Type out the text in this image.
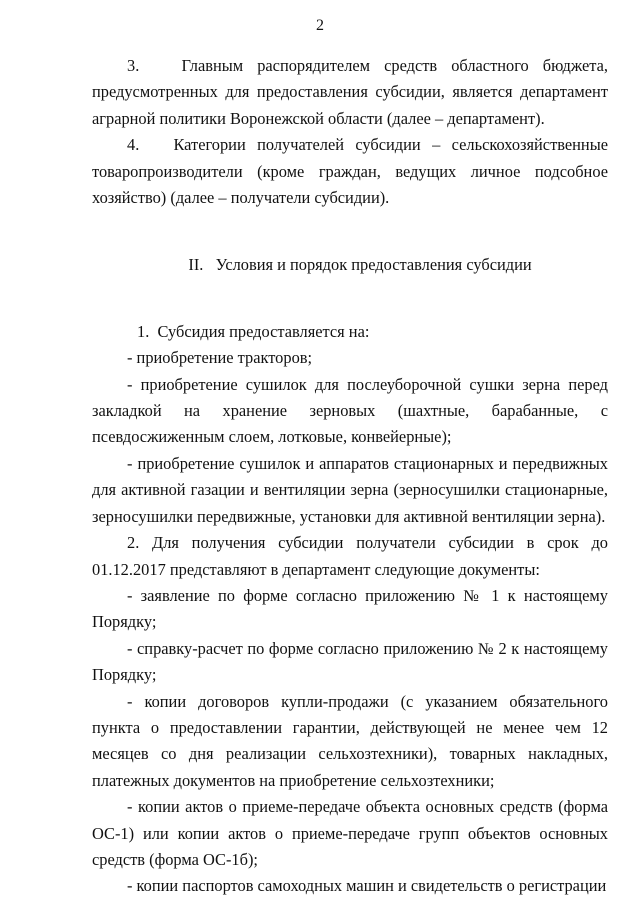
2

3.   Главным распорядителем средств областного бюджета, предусмотренных для предоставления субсидии, является департамент аграрной политики Воронежской области (далее – департамент).

4.   Категории получателей субсидии – сельскохозяйственные товаропроизводители (кроме граждан, ведущих личное подсобное хозяйство) (далее – получатели субсидии).

II.   Условия и порядок предоставления субсидии

1.  Субсидия предоставляется на:

- приобретение тракторов;

- приобретение сушилок для послеуборочной сушки зерна перед закладкой на хранение зерновых (шахтные, барабанные, с псевдосжиженным слоем, лотковые, конвейерные);

- приобретение сушилок и аппаратов стационарных и передвижных для активной газации и вентиляции зерна (зерносушилки стационарные, зерносушилки передвижные, установки для активной вентиляции зерна).

2. Для получения субсидии получатели субсидии в срок до 01.12.2017 представляют в департамент следующие документы:

- заявление по форме согласно приложению № 1 к настоящему Порядку;

- справку-расчет по форме согласно приложению № 2 к настоящему Порядку;

- копии договоров купли-продажи (с указанием обязательного пункта о предоставлении гарантии, действующей не менее чем 12 месяцев со дня реализации сельхозтехники), товарных накладных, платежных документов на приобретение сельхозтехники;

- копии актов о приеме-передаче объекта основных средств (форма ОС-1) или копии актов о приеме-передаче групп объектов основных средств (форма ОС-1б);

- копии паспортов самоходных машин и свидетельств о регистрации
